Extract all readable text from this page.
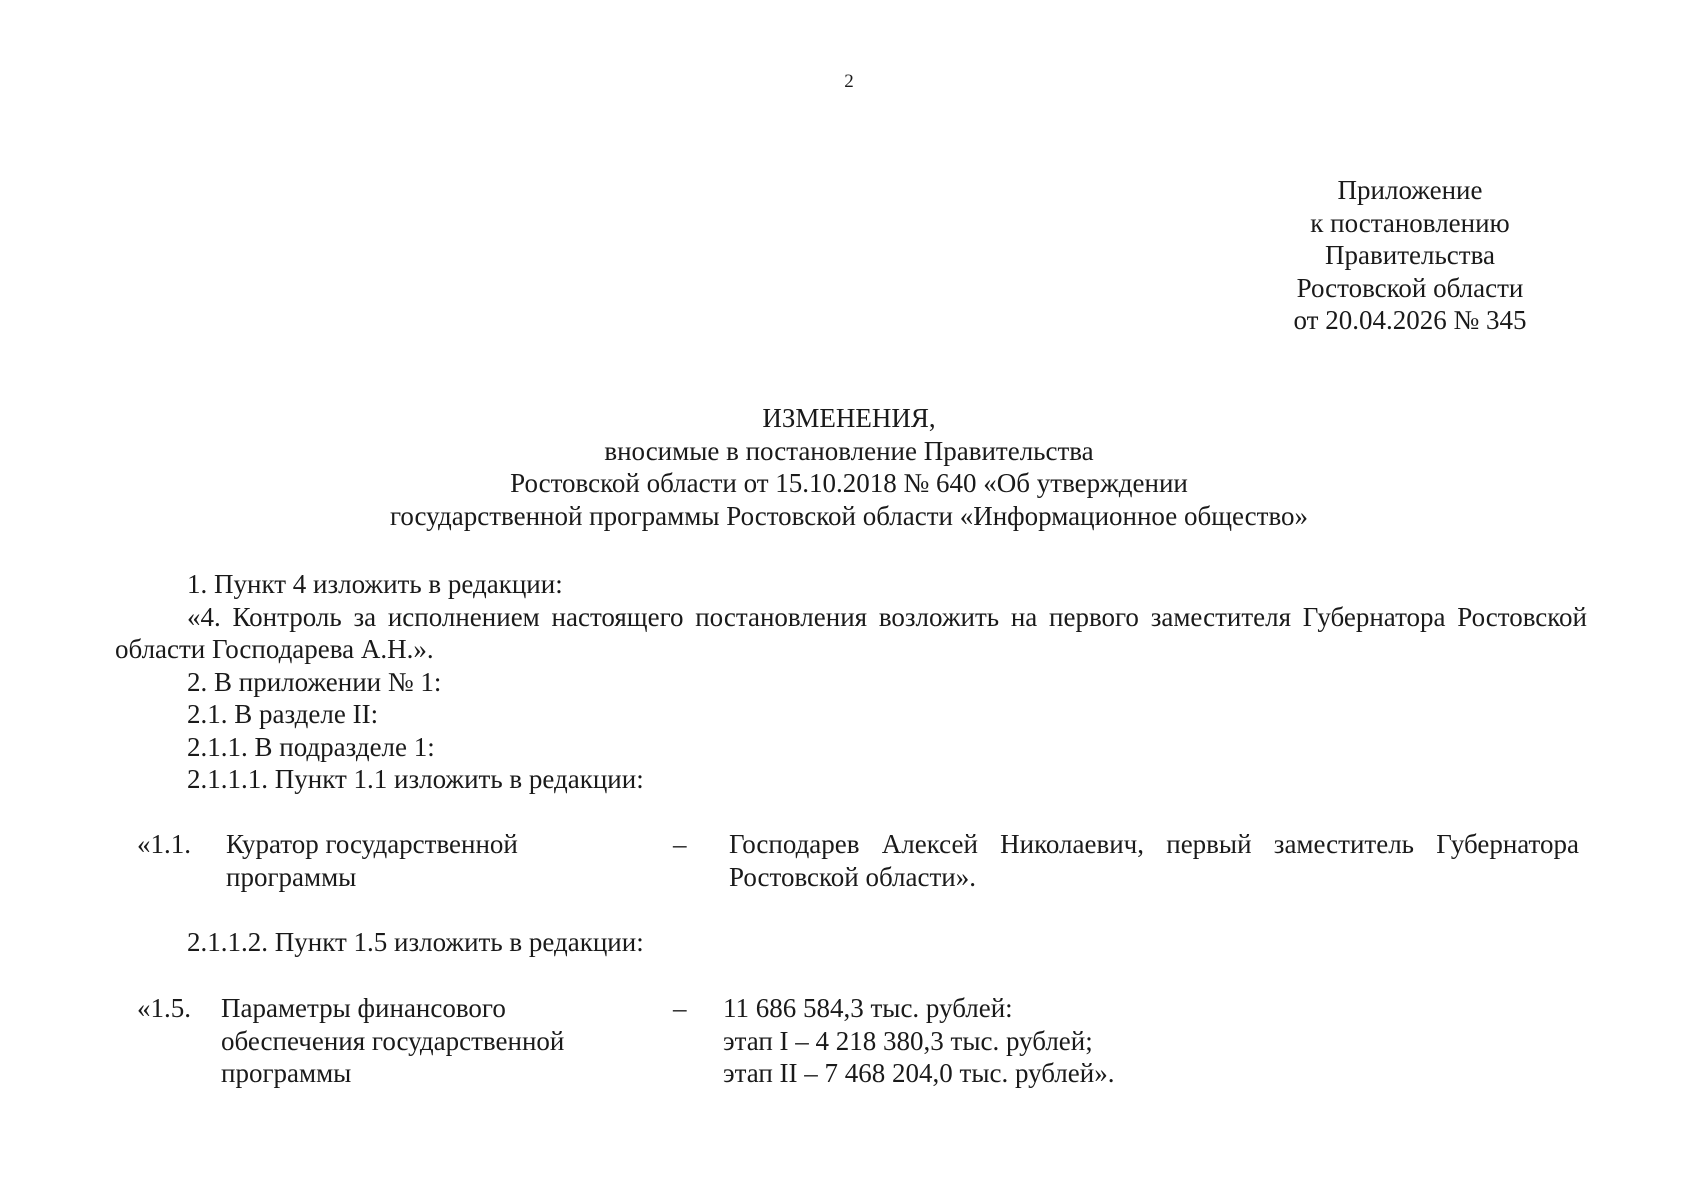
2
Приложение
к постановлению
Правительства
Ростовской области
от 20.04.2026 № 345
ИЗМЕНЕНИЯ,
вносимые в постановление Правительства
Ростовской области от 15.10.2018 № 640 «Об утверждении
государственной программы Ростовской области «Информационное общество»

1. Пункт 4 изложить в редакции:

«4. Контроль за исполнением настоящего постановления возложить на первого заместителя Губернатора Ростовской области Господарева А.Н.».

2. В приложении № 1:

2.1. В разделе II:

2.1.1. В подразделе 1:

2.1.1.1. Пункт 1.1 изложить в редакции:

«1.1. Куратор государственной
программы
– Господарев Алексей Николаевич, первый заместитель Губернатора
Ростовской области».
2.1.1.2. Пункт 1.5 изложить в редакции:
«1.5. Параметры финансового
обеспечения государственной
программы
– 11 686 584,3 тыс. рублей:
этап I – 4 218 380,3 тыс. рублей;
этап II – 7 468 204,0 тыс. рублей».
